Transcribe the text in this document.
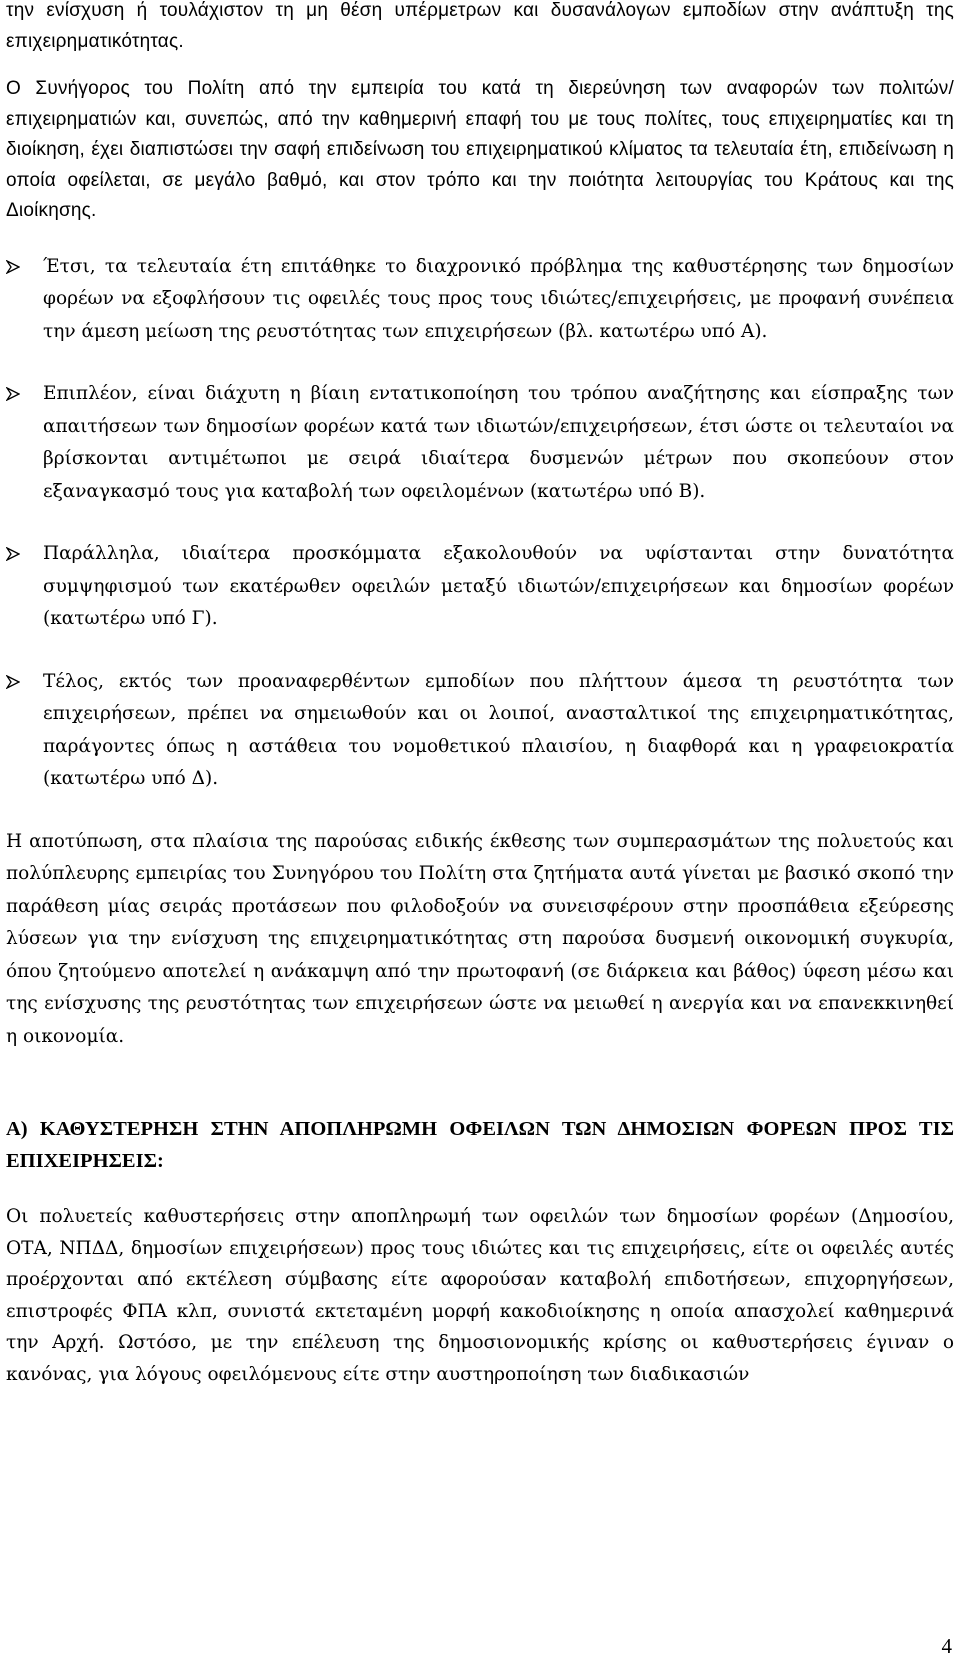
την ενίσχυση ή τουλάχιστον τη μη θέση υπέρμετρων και δυσανάλογων εμποδίων στην ανάπτυξη της επιχειρηματικότητας.

Ο Συνήγορος του Πολίτη από την εμπειρία του κατά τη διερεύνηση των αναφορών των πολιτών/επιχειρηματιών και, συνεπώς, από την καθημερινή επαφή του με τους πολίτες, τους επιχειρηματίες και τη διοίκηση, έχει διαπιστώσει την σαφή επιδείνωση του επιχειρηματικού κλίματος τα τελευταία έτη, επιδείνωση η οποία οφείλεται, σε μεγάλο βαθμό, και στον τρόπο και την ποιότητα λειτουργίας του Κράτους και της Διοίκησης.

Έτσι, τα τελευταία έτη επιτάθηκε το διαχρονικό πρόβλημα της καθυστέρησης των δημοσίων φορέων να εξοφλήσουν τις οφειλές τους προς τους ιδιώτες/επιχειρήσεις, με προφανή συνέπεια την άμεση μείωση της ρευστότητας των επιχειρήσεων (βλ. κατωτέρω υπό Α).

Επιπλέον, είναι διάχυτη η βίαιη εντατικοποίηση του τρόπου αναζήτησης και είσπραξης των απαιτήσεων των δημοσίων φορέων κατά των ιδιωτών/επιχειρήσεων, έτσι ώστε οι τελευταίοι να βρίσκονται αντιμέτωποι με σειρά ιδιαίτερα δυσμενών μέτρων που σκοπεύουν στον εξαναγκασμό τους για καταβολή των οφειλομένων (κατωτέρω υπό Β).

Παράλληλα, ιδιαίτερα προσκόμματα εξακολουθούν να υφίστανται στην δυνατότητα συμψηφισμού των εκατέρωθεν οφειλών μεταξύ ιδιωτών/επιχειρήσεων και δημοσίων φορέων (κατωτέρω υπό Γ).

Τέλος, εκτός των προαναφερθέντων εμποδίων που πλήττουν άμεσα τη ρευστότητα των επιχειρήσεων, πρέπει να σημειωθούν και οι λοιποί, ανασταλτικοί της επιχειρηματικότητας, παράγοντες όπως η αστάθεια του νομοθετικού πλαισίου, η διαφθορά και η γραφειοκρατία (κατωτέρω υπό Δ).

Η αποτύπωση, στα πλαίσια της παρούσας ειδικής έκθεσης των συμπερασμάτων της πολυετούς και πολύπλευρης εμπειρίας του Συνηγόρου του Πολίτη στα ζητήματα αυτά γίνεται με βασικό σκοπό την παράθεση μίας σειράς προτάσεων που φιλοδοξούν να συνεισφέρουν στην προσπάθεια εξεύρεσης λύσεων για την ενίσχυση της επιχειρηματικότητας στη παρούσα δυσμενή οικονομική συγκυρία, όπου ζητούμενο αποτελεί η ανάκαμψη από την πρωτοφανή (σε διάρκεια και βάθος) ύφεση μέσω και της ενίσχυσης της ρευστότητας των επιχειρήσεων ώστε να μειωθεί η ανεργία και να επανεκκινηθεί η οικονομία.

Α) ΚΑΘΥΣΤΕΡΗΣΗ ΣΤΗΝ ΑΠΟΠΛΗΡΩΜΗ ΟΦΕΙΛΩΝ ΤΩΝ ΔΗΜΟΣΙΩΝ ΦΟΡΕΩΝ ΠΡΟΣ ΤΙΣ ΕΠΙΧΕΙΡΗΣΕΙΣ:

Οι πολυετείς καθυστερήσεις στην αποπληρωμή των οφειλών των δημοσίων φορέων (Δημοσίου, ΟΤΑ, ΝΠΔΔ, δημοσίων επιχειρήσεων) προς τους ιδιώτες και τις επιχειρήσεις, είτε οι οφειλές αυτές προέρχονται από εκτέλεση σύμβασης είτε αφορούσαν καταβολή επιδοτήσεων, επιχορηγήσεων, επιστροφές ΦΠΑ κλπ, συνιστά εκτεταμένη μορφή κακοδιοίκησης η οποία απασχολεί καθημερινά την Αρχή. Ωστόσο, με την επέλευση της δημοσιονομικής κρίσης οι καθυστερήσεις έγιναν ο κανόνας, για λόγους οφειλόμενους είτε στην αυστηροποίηση των διαδικασιών

4
